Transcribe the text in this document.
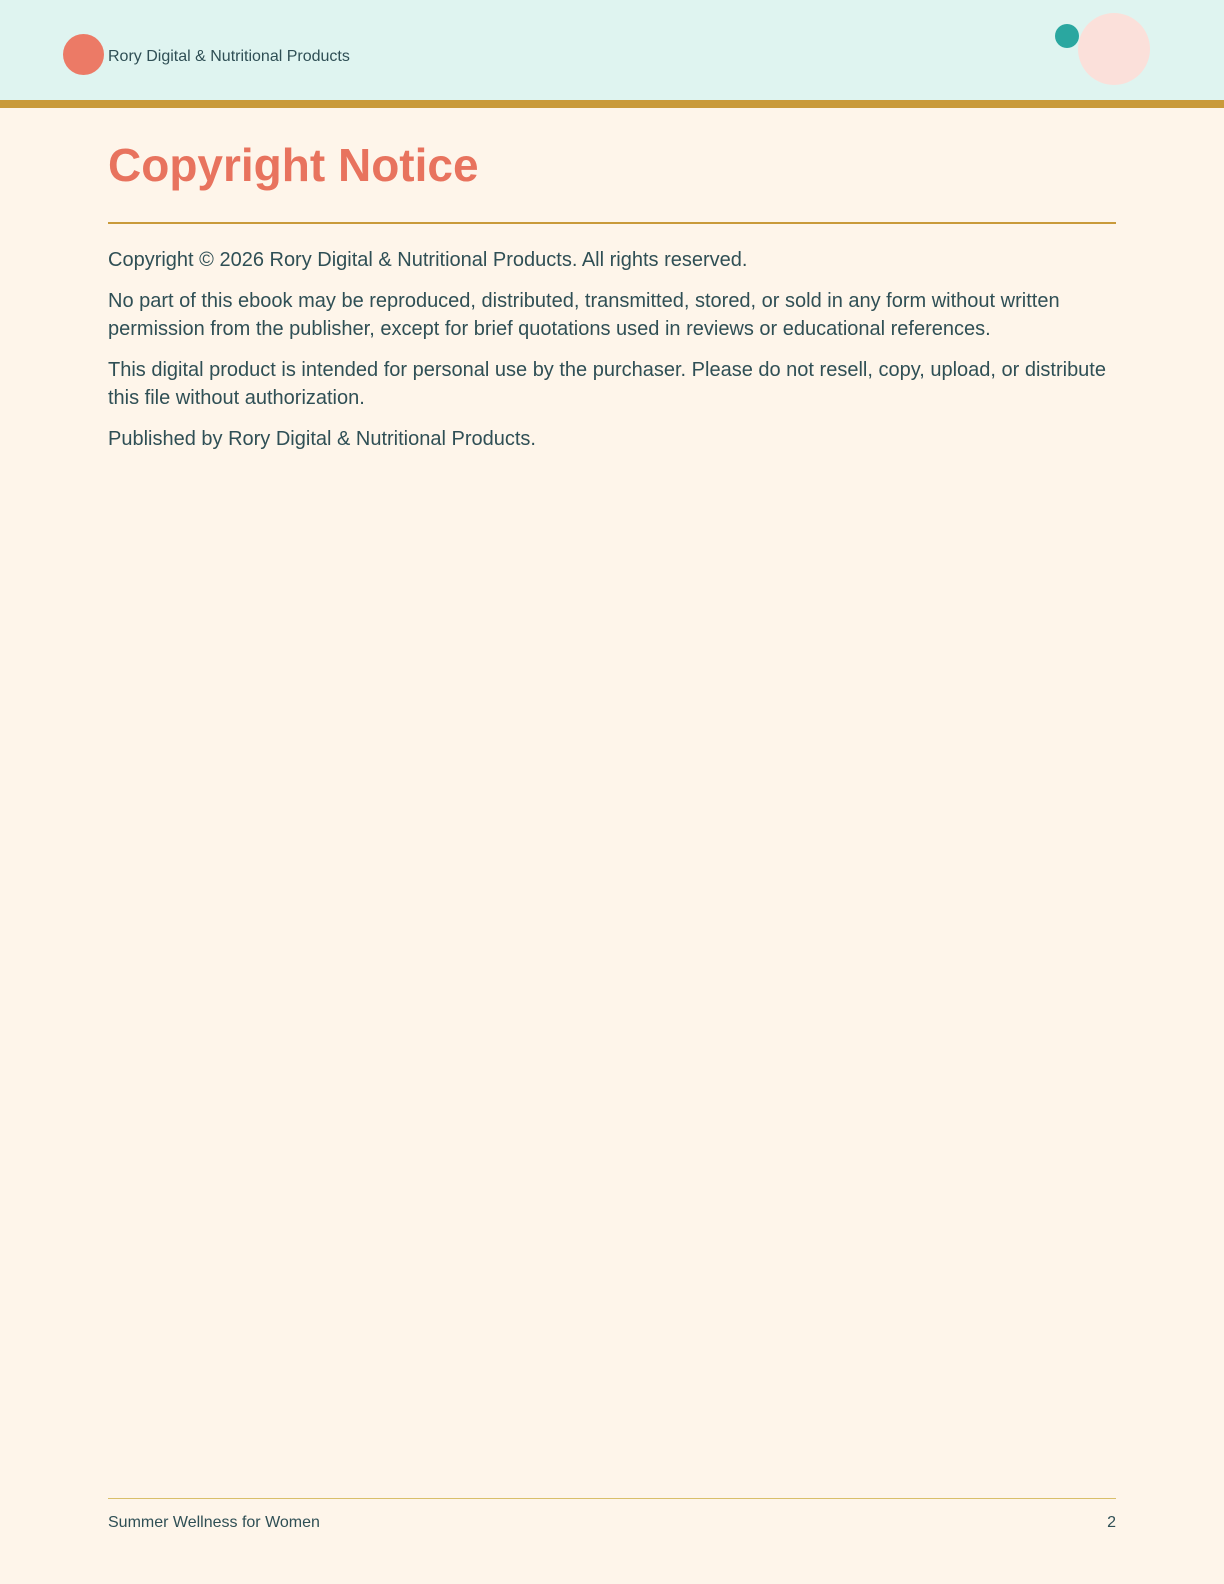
Rory Digital & Nutritional Products
Copyright Notice

Copyright © 2026 Rory Digital & Nutritional Products. All rights reserved.

No part of this ebook may be reproduced, distributed, transmitted, stored, or sold in any form without written permission from the publisher, except for brief quotations used in reviews or educational references.

This digital product is intended for personal use by the purchaser. Please do not resell, copy, upload, or distribute this file without authorization.

Published by Rory Digital & Nutritional Products.

Summer Wellness for Women	2
